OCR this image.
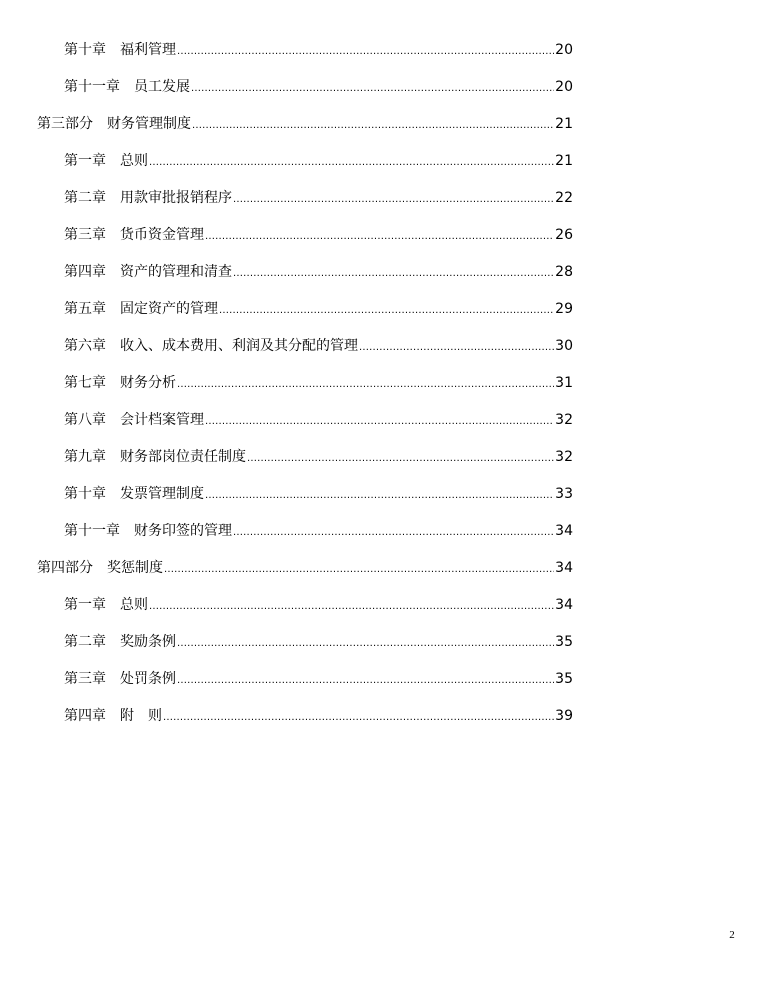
第十章　福利管理 .....	20
第十一章　员工发展 .....	20
第三部分　财务管理制度 .....	21
第一章　总则 .....	21
第二章　用款审批报销程序 .....	22
第三章　货币资金管理 .....	26
第四章　资产的管理和清查 .....	28
第五章　固定资产的管理 .....	29
第六章　收入、成本费用、利润及其分配的管理 .....	30
第七章　财务分析 .....	31
第八章　会计档案管理 .....	32
第九章　财务部岗位责任制度 .....	32
第十章　发票管理制度 .....	33
第十一章　财务印签的管理 .....	34
第四部分　奖惩制度 .....	34
第一章　总则 .....	34
第二章　奖励条例 .....	35
第三章　处罚条例 .....	35
第四章　附　则 .....	39
2
